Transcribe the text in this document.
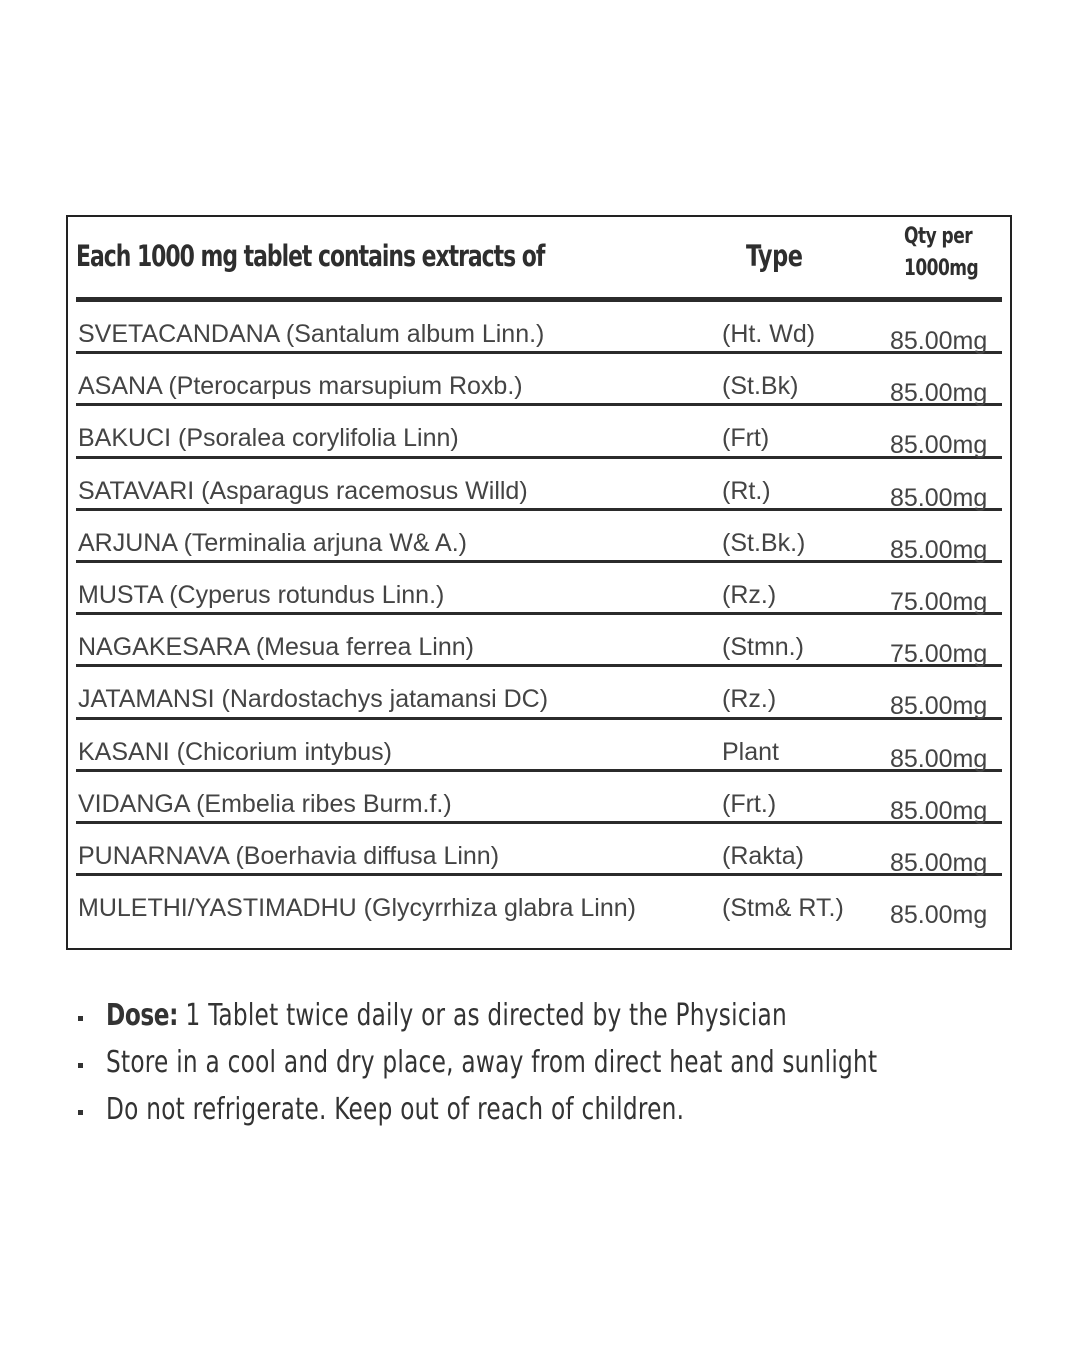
Each 1000 mg tablet contains extracts of	Type
Qty per
1000mg
SVETACANDANA (Santalum album Linn.)	(Ht. Wd)	85.00mg
ASANA (Pterocarpus marsupium Roxb.)	(St.Bk)	85.00mg
BAKUCI (Psoralea corylifolia Linn)	(Frt)	85.00mg
SATAVARI (Asparagus racemosus Willd)	(Rt.)	85.00mg
ARJUNA (Terminalia arjuna W& A.)	(St.Bk.)	85.00mg
MUSTA (Cyperus rotundus Linn.)	(Rz.)	75.00mg
NAGAKESARA (Mesua ferrea Linn)	(Stmn.)	75.00mg
JATAMANSI (Nardostachys jatamansi DC)	(Rz.)	85.00mg
KASANI (Chicorium intybus)	Plant	85.00mg
VIDANGA (Embelia ribes Burm.f.)	(Frt.)	85.00mg
PUNARNAVA (Boerhavia diffusa Linn)	(Rakta)	85.00mg
MULETHI/YASTIMADHU (Glycyrrhiza glabra Linn)	(Stm& RT.) 85.00mg
Dose: 1 Tablet twice daily or as directed by the Physician
Store in a cool and dry place, away from direct heat and sunlight
Do not refrigerate. Keep out of reach of children.
